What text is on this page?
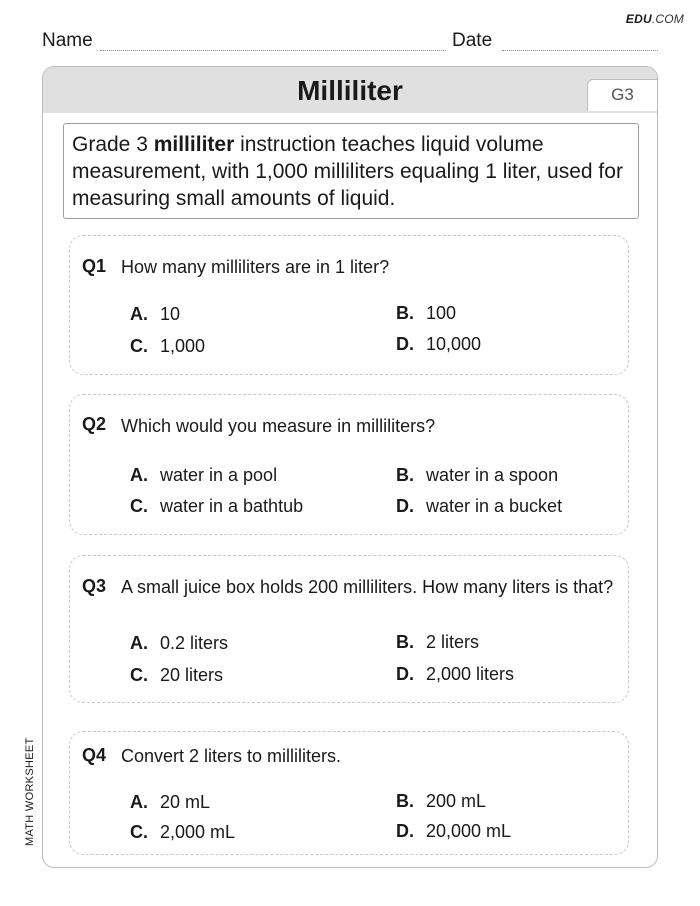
EDU.COM
Name	Date
MATH WORKSHEET
Milliliter	G3
Grade 3 milliliter instruction teaches liquid volume measurement, with 1,000 milliliters equaling 1 liter, used for measuring small amounts of liquid.
Q1 How many milliliters are in 1 liter?
A. 10	B. 100
C. 1,000	D. 10,000
Q2 Which would you measure in milliliters?
A. water in a pool	B. water in a spoon
C. water in a bathtub	D. water in a bucket
Q3 A small juice box holds 200 milliliters. How many liters is that?
A. 0.2 liters	B. 2 liters
C. 20 liters	D. 2,000 liters
Q4 Convert 2 liters to milliliters.
A. 20 mL	B. 200 mL
C. 2,000 mL	D. 20,000 mL
